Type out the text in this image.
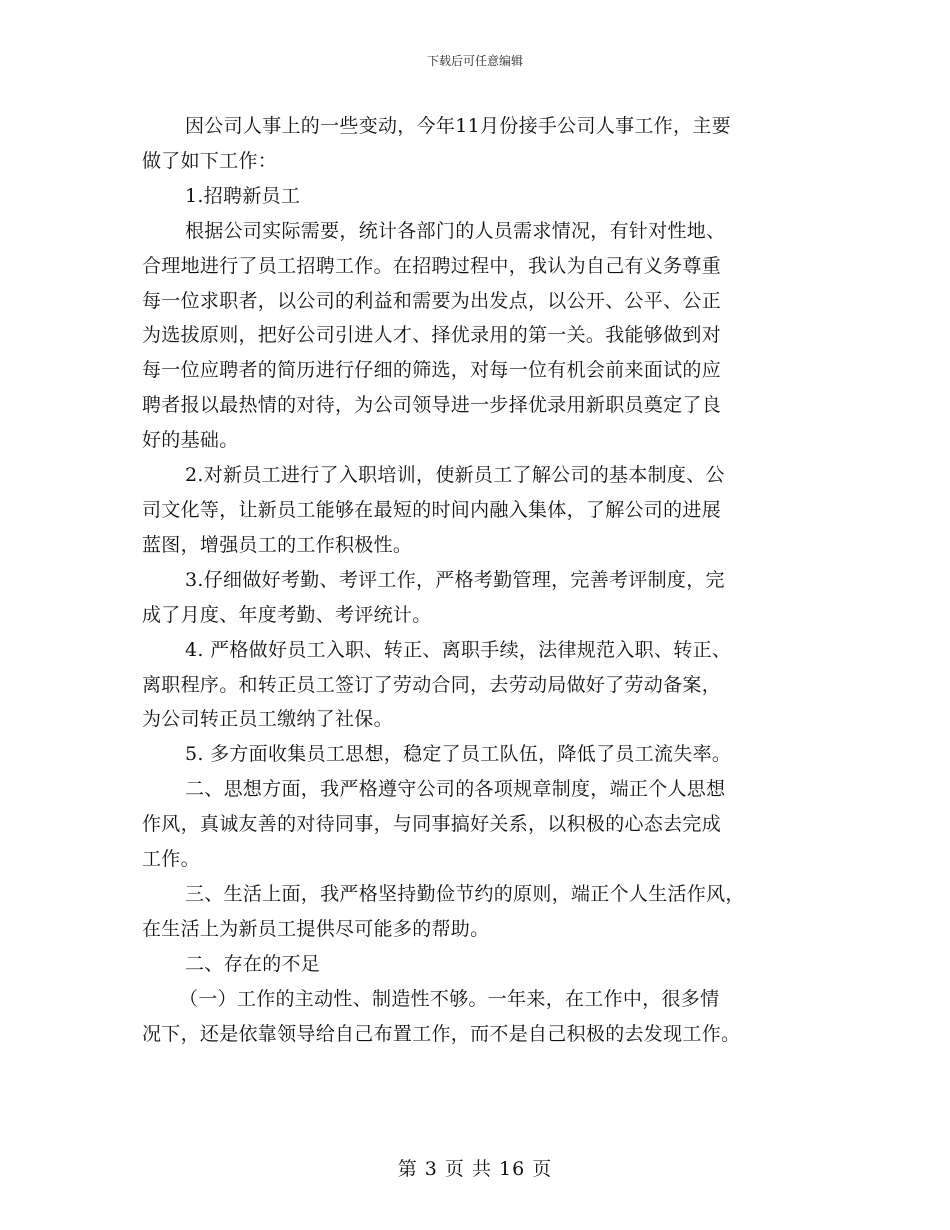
下载后可任意编辑
因公司人事上的一些变动，今年11月份接手公司人事工作，主要
做了如下工作：
1.招聘新员工
根据公司实际需要，统计各部门的人员需求情况，有针对性地、
合理地进行了员工招聘工作。在招聘过程中，我认为自己有义务尊重
每一位求职者，以公司的利益和需要为出发点，以公开、公平、公正
为选拔原则，把好公司引进人才、择优录用的第一关。我能够做到对
每一位应聘者的简历进行仔细的筛选，对每一位有机会前来面试的应
聘者报以最热情的对待，为公司领导进一步择优录用新职员奠定了良
好的基础。
2.对新员工进行了入职培训，使新员工了解公司的基本制度、公
司文化等，让新员工能够在最短的时间内融入集体，了解公司的进展
蓝图，增强员工的工作积极性。
3.仔细做好考勤、考评工作，严格考勤管理，完善考评制度，完
成了月度、年度考勤、考评统计。
4. 严格做好员工入职、转正、离职手续，法律规范入职、转正、
离职程序。和转正员工签订了劳动合同，去劳动局做好了劳动备案，
为公司转正员工缴纳了社保。
5. 多方面收集员工思想，稳定了员工队伍，降低了员工流失率。
二、思想方面，我严格遵守公司的各项规章制度，端正个人思想
作风，真诚友善的对待同事，与同事搞好关系，以积极的心态去完成
工作。
三、生活上面，我严格坚持勤俭节约的原则，端正个人生活作风，
在生活上为新员工提供尽可能多的帮助。
二、存在的不足
（一）工作的主动性、制造性不够。一年来，在工作中，很多情
况下，还是依靠领导给自己布置工作，而不是自己积极的去发现工作。
第 3 页 共 16 页
